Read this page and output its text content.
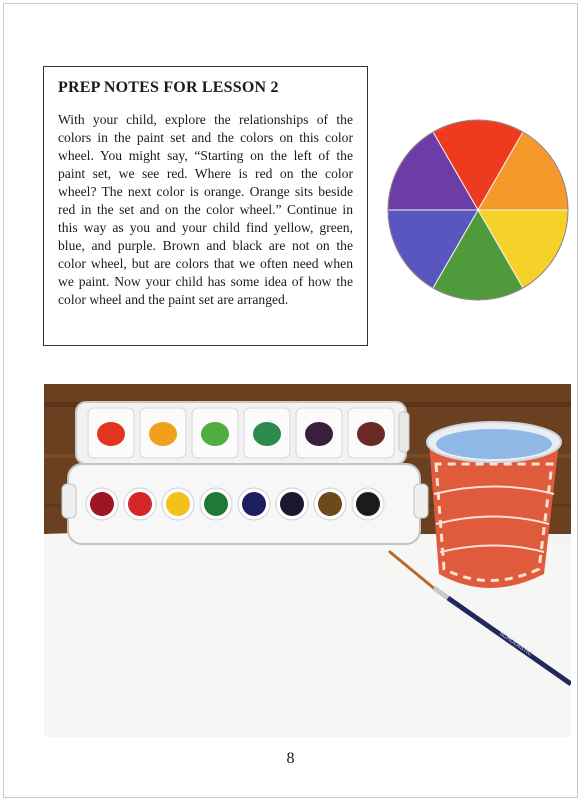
PREP NOTES FOR LESSON 2

With your child, explore the relationships of the colors in the paint set and the colors on this color wheel. You might say, “Starting on the left of the paint set, we see red. Where is red on the color wheel? The next color is orange. Orange sits beside red in the set and on the color wheel.” Continue in this way as you and your child find yellow, green, blue, and purple. Brown and black are not on the color wheel, but are colors that we often need when we paint. Now your child has some idea of how the color wheel and the paint set are arranged.

SCHOLASTIC
8
